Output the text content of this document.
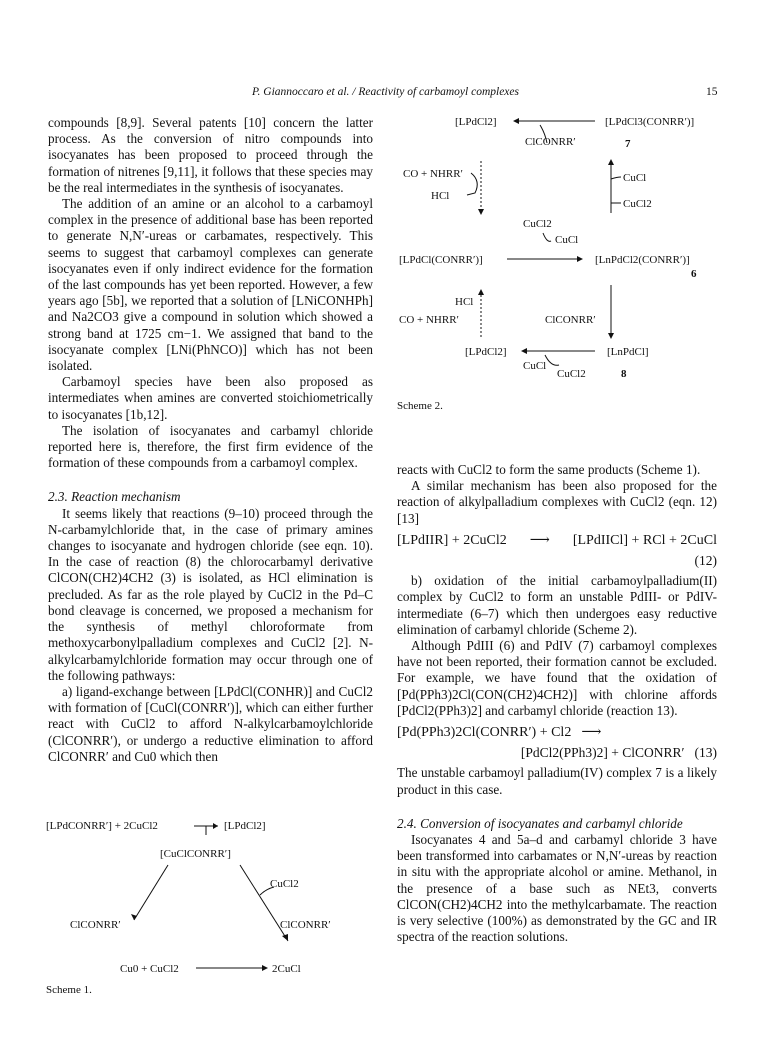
P. Giannoccaro et al. / Reactivity of carbamoyl complexes	15

compounds [8,9]. Several patents [10] concern the latter process. As the conversion of nitro compounds into isocyanates has been proposed to proceed through the formation of nitrenes [9,11], it follows that these species may be the real intermediates in the synthesis of isocyanates.

The addition of an amine or an alcohol to a carbamoyl complex in the presence of additional base has been reported to generate N,N′-ureas or carbamates, respectively. This seems to suggest that carbamoyl complexes can generate isocyanates even if only indirect evidence for the formation of the last compounds has yet been reported. However, a few years ago [5b], we reported that a solution of [LNiCONHPh] and Na2CO3 give a compound in solution which showed a strong band at 1725 cm−1. We assigned that band to the isocyanate complex [LNi(PhNCO)] which has not been isolated.

Carbamoyl species have been also proposed as intermediates when amines are converted stoichiometrically to isocyanates [1b,12].

The isolation of isocyanates and carbamyl chloride reported here is, therefore, the first firm evidence of the formation of these compounds from a carbamoyl complex.

2.3. Reaction mechanism

It seems likely that reactions (9–10) proceed through the N-carbamylchloride that, in the case of primary amines changes to isocyanate and hydrogen chloride (see eqn. 10). In the case of reaction (8) the chlorocarbamyl derivative ClCON(CH2)4CH2 (3) is isolated, as HCl elimination is precluded. As far as the role played by CuCl2 in the Pd–C bond cleavage is concerned, we proposed a mechanism for the synthesis of methyl chloroformate from methoxycarbonylpalladium complexes and CuCl2 [2]. N-alkylcarbamylchloride formation may occur through one of the following pathways:

a) ligand-exchange between [LPdCl(CONHR)] and CuCl2 with formation of [CuCl(CONRR′)], which can either further react with CuCl2 to afford N-alkylcarbamoylchloride (ClCONRR′), or undergo a reductive elimination to afford ClCONRR′ and Cu0 which then

[LPdCONRR′] + 2CuCl2	[LPdCl2]
[CuClCONRR′]
ClCONRR′
CuCl2
ClCONRR′
Cu0 + CuCl2	2CuCl
Scheme 1.
[LPdCl2]	[LPdCl3(CONRR′)]
ClCONRR′	7
CO + NHRR′
HCl
CuCl
CuCl2
CuCl2
CuCl
[LPdCl(CONRR′)]	[LnPdCl2(CONRR′)]
6
HCl
CO + NHRR′	ClCONRR′
[LPdCl2]
CuCl
CuCl2
[LnPdCl]
8
Scheme 2.

reacts with CuCl2 to form the same products (Scheme 1).

A similar mechanism has been also proposed for the reaction of alkylpalladium complexes with CuCl2 (eqn. 12) [13]

[LPdIIR] + 2CuCl2 ⟶ [LPdIICl] + RCl + 2CuCl
(12)

b) oxidation of the initial carbamoylpalladium(II) complex by CuCl2 to form an unstable PdIII- or PdIV-intermediate (6–7) which then undergoes easy reductive elimination of carbamyl chloride (Scheme 2).

Although PdIII (6) and PdIV (7) carbamoyl complexes have not been reported, their formation cannot be excluded. For example, we have found that the oxidation of [Pd(PPh3)2Cl(CON(CH2)4CH2)] with chlorine affords [PdCl2(PPh3)2] and carbamyl chloride (reaction 13).

[Pd(PPh3)2Cl(CONRR′) + Cl2 ⟶
[PdCl2(PPh3)2] + ClCONRR′ (13)

The unstable carbamoyl palladium(IV) complex 7 is a likely product in this case.

2.4. Conversion of isocyanates and carbamyl chloride

Isocyanates 4 and 5a–d and carbamyl chloride 3 have been transformed into carbamates or N,N′-ureas by reaction in situ with the appropriate alcohol or amine. Methanol, in the presence of a base such as NEt3, converts ClCON(CH2)4CH2 into the methylcarbamate. The reaction is very selective (100%) as demonstrated by the GC and IR spectra of the reaction solutions.
